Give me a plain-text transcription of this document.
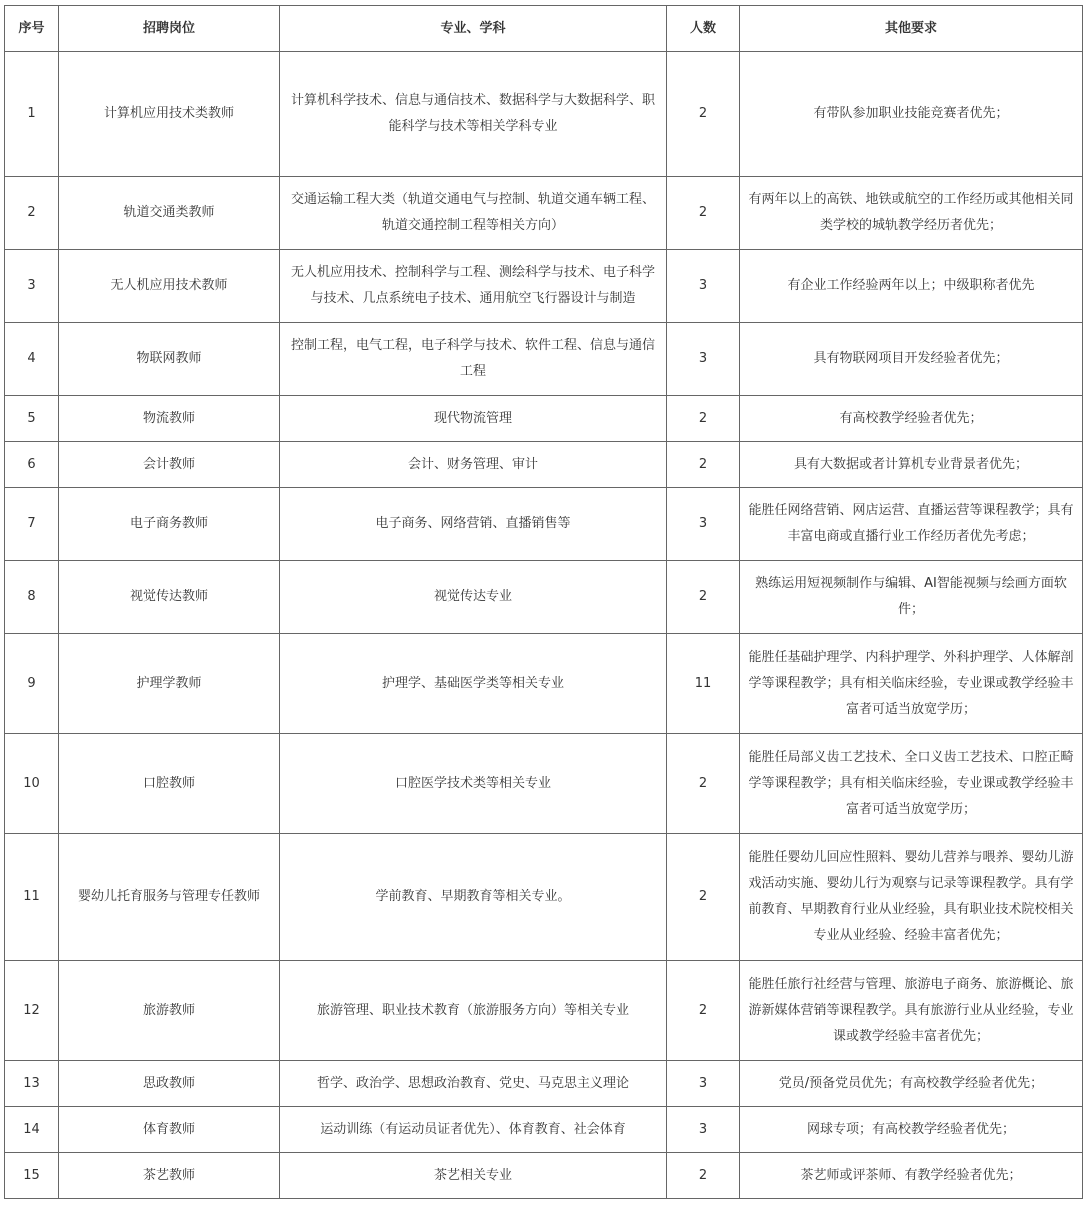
序号	招聘岗位	专业、学科	人数	其他要求
1	计算机应用技术类教师	计算机科学技术、信息与通信技术、数据科学与大数据科学、职能科学与技术等相关学科专业	2	有带队参加职业技能竞赛者优先；
2	轨道交通类教师	交通运输工程大类（轨道交通电气与控制、轨道交通车辆工程、轨道交通控制工程等相关方向）	2	有两年以上的高铁、地铁或航空的工作经历或其他相关同类学校的城轨教学经历者优先；
3	无人机应用技术教师	无人机应用技术、控制科学与工程、测绘科学与技术、电子科学与技术、几点系统电子技术、通用航空飞行器设计与制造	3	有企业工作经验两年以上；中级职称者优先
4	物联网教师	控制工程，电气工程，电子科学与技术、软件工程、信息与通信工程	3	具有物联网项目开发经验者优先；
5	物流教师	现代物流管理	2	有高校教学经验者优先；
6	会计教师	会计、财务管理、审计	2	具有大数据或者计算机专业背景者优先；
7	电子商务教师	电子商务、网络营销、直播销售等	3	能胜任网络营销、网店运营、直播运营等课程教学；具有丰富电商或直播行业工作经历者优先考虑；
8	视觉传达教师	视觉传达专业	2	熟练运用短视频制作与编辑、AI智能视频与绘画方面软件；
9	护理学教师	护理学、基础医学类等相关专业	11	能胜任基础护理学、内科护理学、外科护理学、人体解剖学等课程教学；具有相关临床经验，专业课或教学经验丰富者可适当放宽学历；
10	口腔教师	口腔医学技术类等相关专业	2	能胜任局部义齿工艺技术、全口义齿工艺技术、口腔正畸学等课程教学；具有相关临床经验，专业课或教学经验丰富者可适当放宽学历；
11	婴幼儿托育服务与管理专任教师	学前教育、早期教育等相关专业。	2	能胜任婴幼儿回应性照料、婴幼儿营养与喂养、婴幼儿游戏活动实施、婴幼儿行为观察与记录等课程教学。具有学前教育、早期教育行业从业经验，具有职业技术院校相关专业从业经验、经验丰富者优先；
12	旅游教师	旅游管理、职业技术教育（旅游服务方向）等相关专业	2	能胜任旅行社经营与管理、旅游电子商务、旅游概论、旅游新媒体营销等课程教学。具有旅游行业从业经验，专业课或教学经验丰富者优先；
13	思政教师	哲学、政治学、思想政治教育、党史、马克思主义理论	3	党员/预备党员优先；有高校教学经验者优先；
14	体育教师	运动训练（有运动员证者优先）、体育教育、社会体育	3	网球专项；有高校教学经验者优先；
15	茶艺教师	茶艺相关专业	2	茶艺师或评茶师、有教学经验者优先；
